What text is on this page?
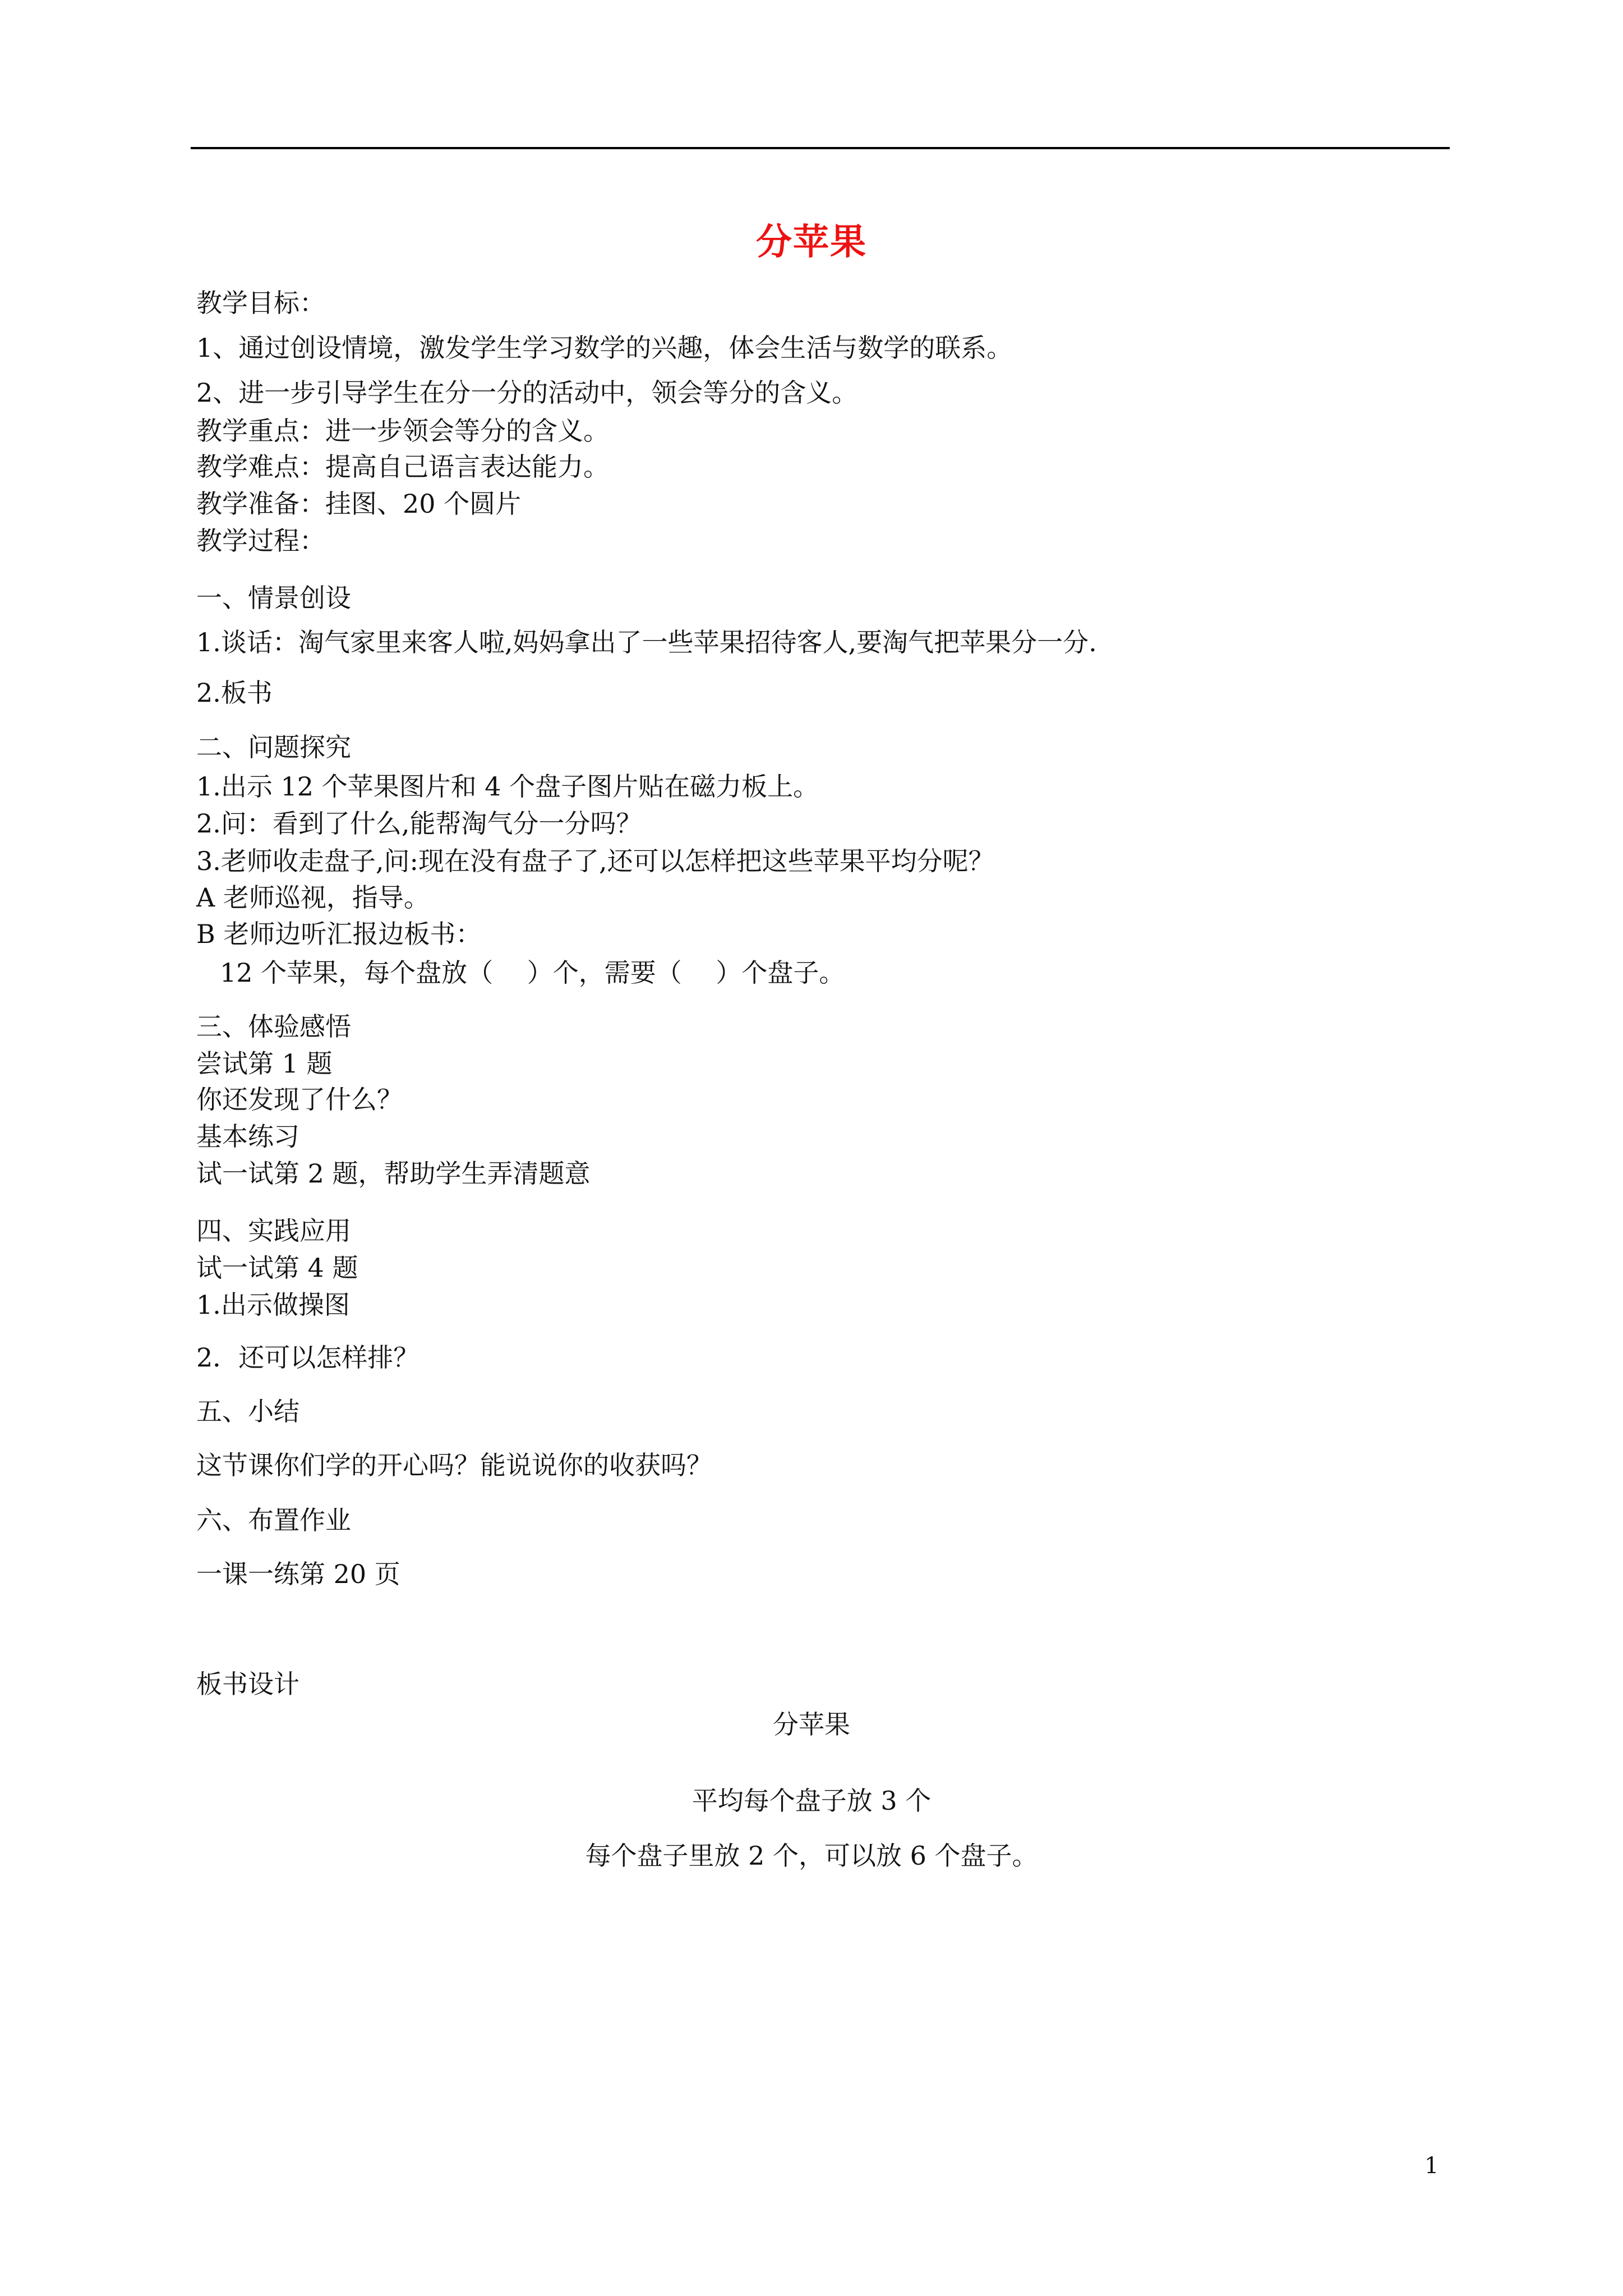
分苹果
教学目标：
1、通过创设情境，激发学生学习数学的兴趣，体会生活与数学的联系。
2、进一步引导学生在分一分的活动中，领会等分的含义。
教学重点：进一步领会等分的含义。
教学难点：提高自己语言表达能力。
教学准备：挂图、20 个圆片
教学过程：
一、情景创设
1.谈话：淘气家里来客人啦,妈妈拿出了一些苹果招待客人,要淘气把苹果分一分.
2.板书
二、问题探究
1.出示 12 个苹果图片和 4 个盘子图片贴在磁力板上。
2.问：看到了什么,能帮淘气分一分吗？
3.老师收走盘子,问:现在没有盘子了,还可以怎样把这些苹果平均分呢？
A 老师巡视，指导。
B 老师边听汇报边板书：
12 个苹果，每个盘放（　 ）个，需要（　 ）个盘子。
三、体验感悟
尝试第 1 题
你还发现了什么？
基本练习
试一试第 2 题，帮助学生弄清题意
四、实践应用
试一试第 4 题
1.出示做操图
2．还可以怎样排？
五、小结
这节课你们学的开心吗？能说说你的收获吗？
六、布置作业
一课一练第 20 页
板书设计
分苹果
平均每个盘子放 3 个
每个盘子里放 2 个，可以放 6 个盘子。
1
